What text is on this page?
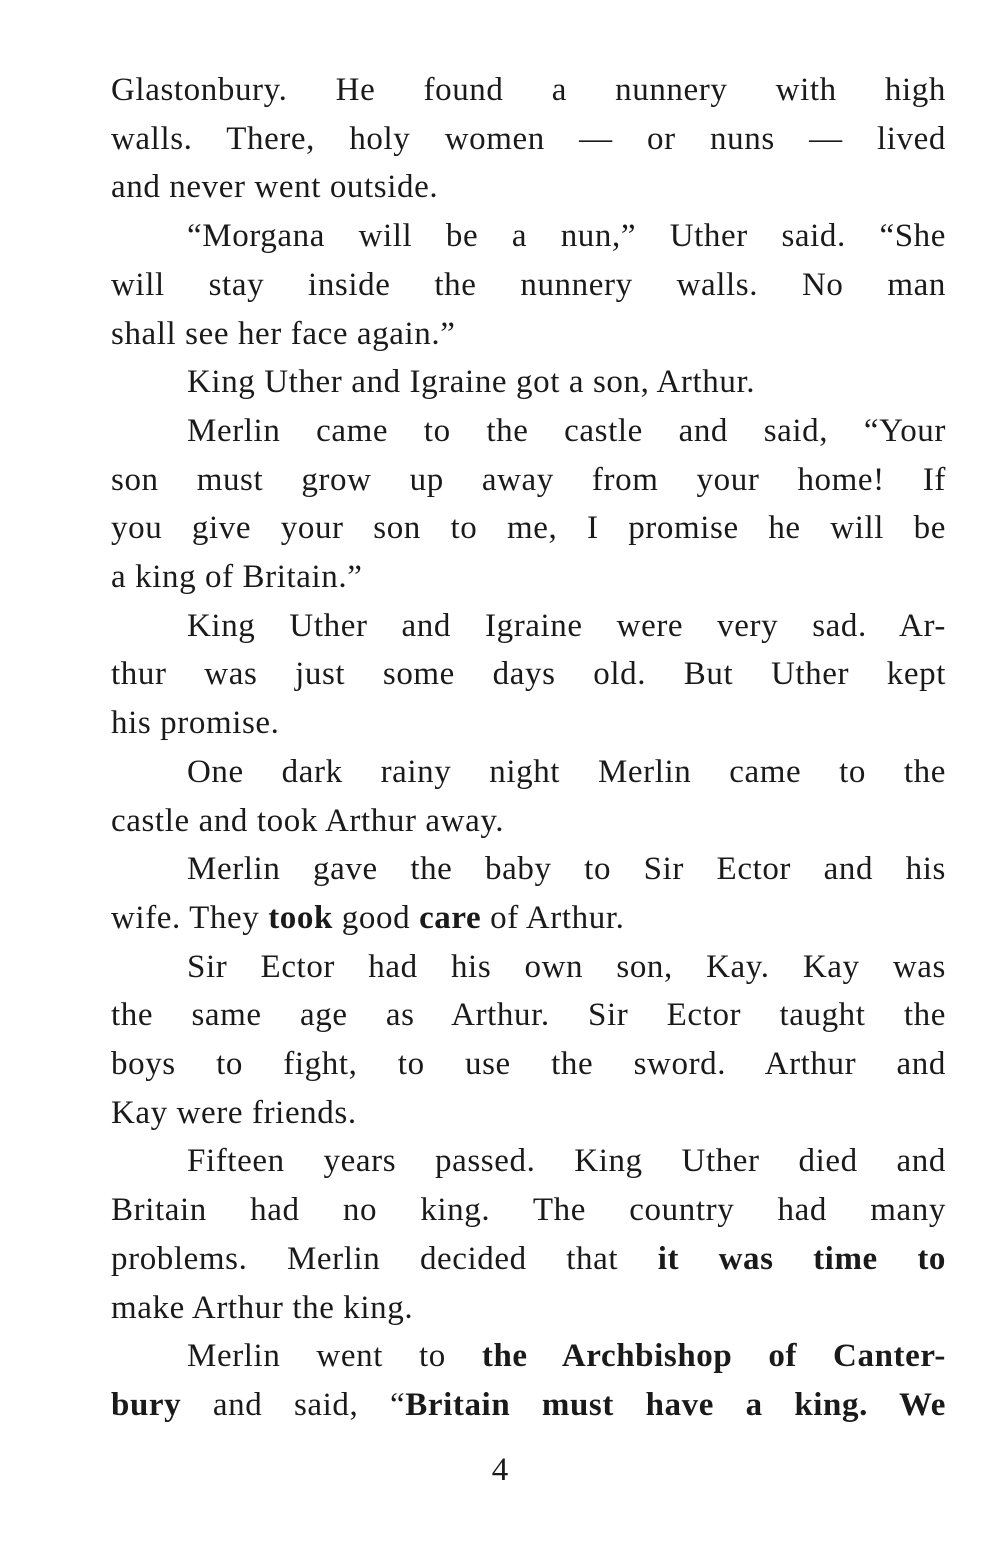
Glastonbury. He found a nunnery with high
walls. There, holy women — or nuns — lived
and never went outside.
“Morgana will be a nun,” Uther said. “She
will stay inside the nunnery walls. No man
shall see her face again.”
King Uther and Igraine got a son, Arthur.
Merlin came to the castle and said, “Your
son must grow up away from your home! If
you give your son to me, I promise he will be
a king of Britain.”
King Uther and Igraine were very sad. Ar-
thur was just some days old. But Uther kept
his promise.
One dark rainy night Merlin came to the
castle and took Arthur away.
Merlin gave the baby to Sir Ector and his
wife. They took good care of Arthur.
Sir Ector had his own son, Kay. Kay was
the same age as Arthur. Sir Ector taught the
boys to fight, to use the sword. Arthur and
Kay were friends.
Fifteen years passed. King Uther died and
Britain had no king. The country had many
problems. Merlin decided that it was time to
make Arthur the king.
Merlin went to the Archbishop of Canter-
bury and said, “Britain must have a king. We
4
